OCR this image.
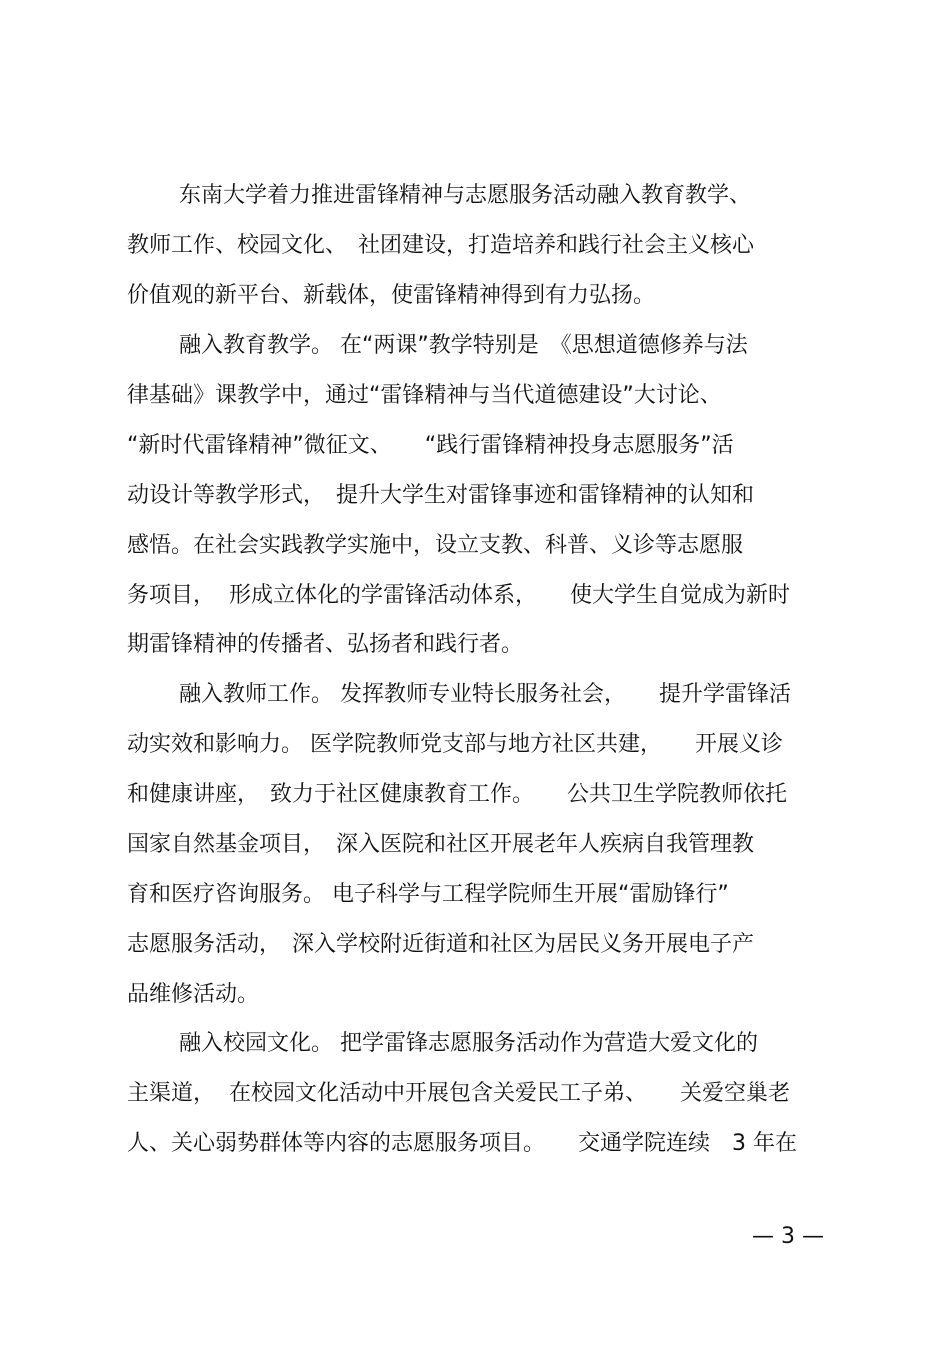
东南大学着力推进雷锋精神与志愿服务活动融入教育教学、

教师工作、校园文化、　社团建设，打造培养和践行社会主义核心

价值观的新平台、新载体，使雷锋精神得到有力弘扬。

融入教育教学。 在“两课”教学特别是　《思想道德修养与法

律基础》课教学中，通过“雷锋精神与当代道德建设”大讨论、

“新时代雷锋精神”微征文、　　“践行雷锋精神投身志愿服务”活

动设计等教学形式，　提升大学生对雷锋事迹和雷锋精神的认知和

感悟。在社会实践教学实施中，设立支教、科普、义诊等志愿服

务项目，  形成立体化的学雷锋活动体系，　　使大学生自觉成为新时

期雷锋精神的传播者、弘扬者和践行者。

融入教师工作。 发挥教师专业特长服务社会，　　提升学雷锋活

动实效和影响力。 医学院教师党支部与地方社区共建，　　开展义诊

和健康讲座，　致力于社区健康教育工作。　　公共卫生学院教师依托

国家自然基金项目，　深入医院和社区开展老年人疾病自我管理教

育和医疗咨询服务。 电子科学与工程学院师生开展“雷励锋行”

志愿服务活动，　深入学校附近街道和社区为居民义务开展电子产

品维修活动。

融入校园文化。 把学雷锋志愿服务活动作为营造大爱文化的

主渠道，  在校园文化活动中开展包含关爱民工子弟、　　关爱空巢老

人、关心弱势群体等内容的志愿服务项目。　　交通学院连续　3 年在

— 3 —
